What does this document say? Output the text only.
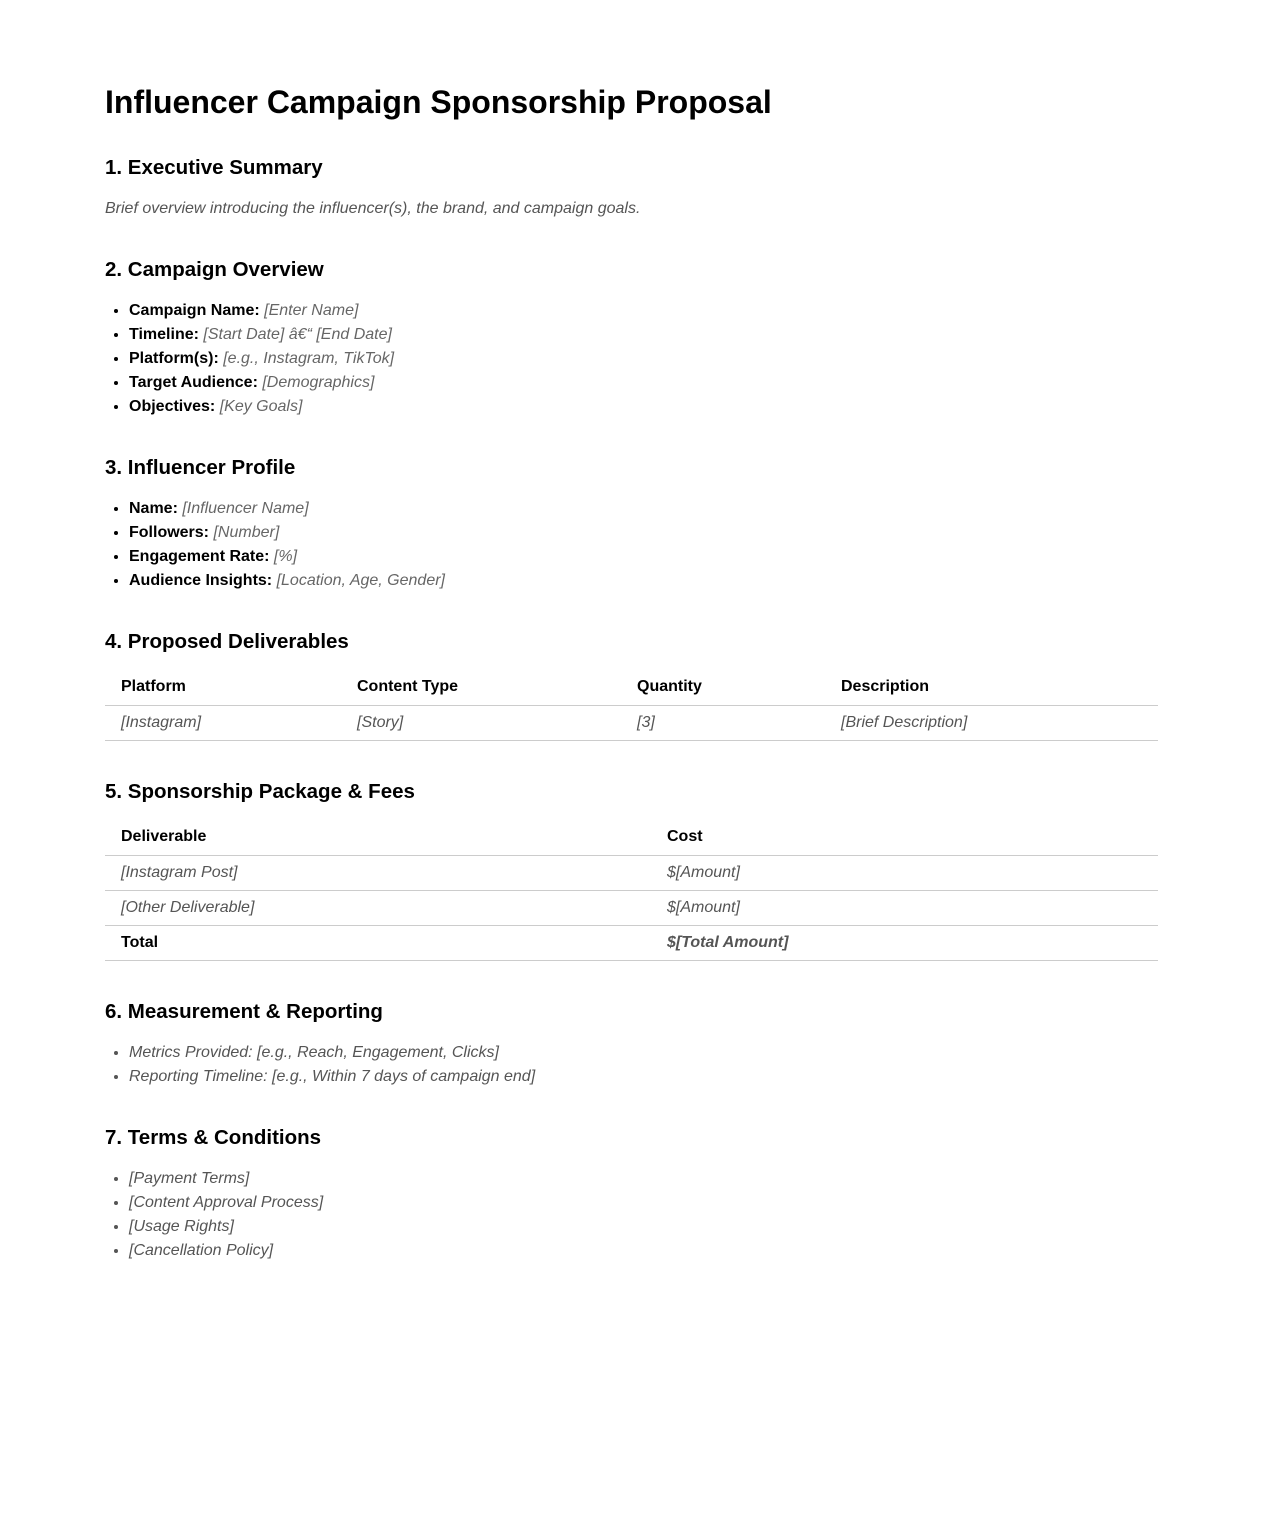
Influencer Campaign Sponsorship Proposal
1. Executive Summary

Brief overview introducing the influencer(s), the brand, and campaign goals.

2. Campaign Overview
• Campaign Name: [Enter Name]
• Timeline: [Start Date] â€“ [End Date]
• Platform(s): [e.g., Instagram, TikTok]
• Target Audience: [Demographics]
• Objectives: [Key Goals]
3. Influencer Profile
• Name: [Influencer Name]
• Followers: [Number]
• Engagement Rate: [%]
• Audience Insights: [Location, Age, Gender]
4. Proposed Deliverables
Platform	Content Type	Quantity	Description
[Instagram]	[Story]	[3]	[Brief Description]
5. Sponsorship Package & Fees
Deliverable	Cost
[Instagram Post]	$[Amount]
[Other Deliverable]	$[Amount]
Total	$[Total Amount]
6. Measurement & Reporting
• Metrics Provided: [e.g., Reach, Engagement, Clicks]
• Reporting Timeline: [e.g., Within 7 days of campaign end]
7. Terms & Conditions
• [Payment Terms]
• [Content Approval Process]
• [Usage Rights]
• [Cancellation Policy]
